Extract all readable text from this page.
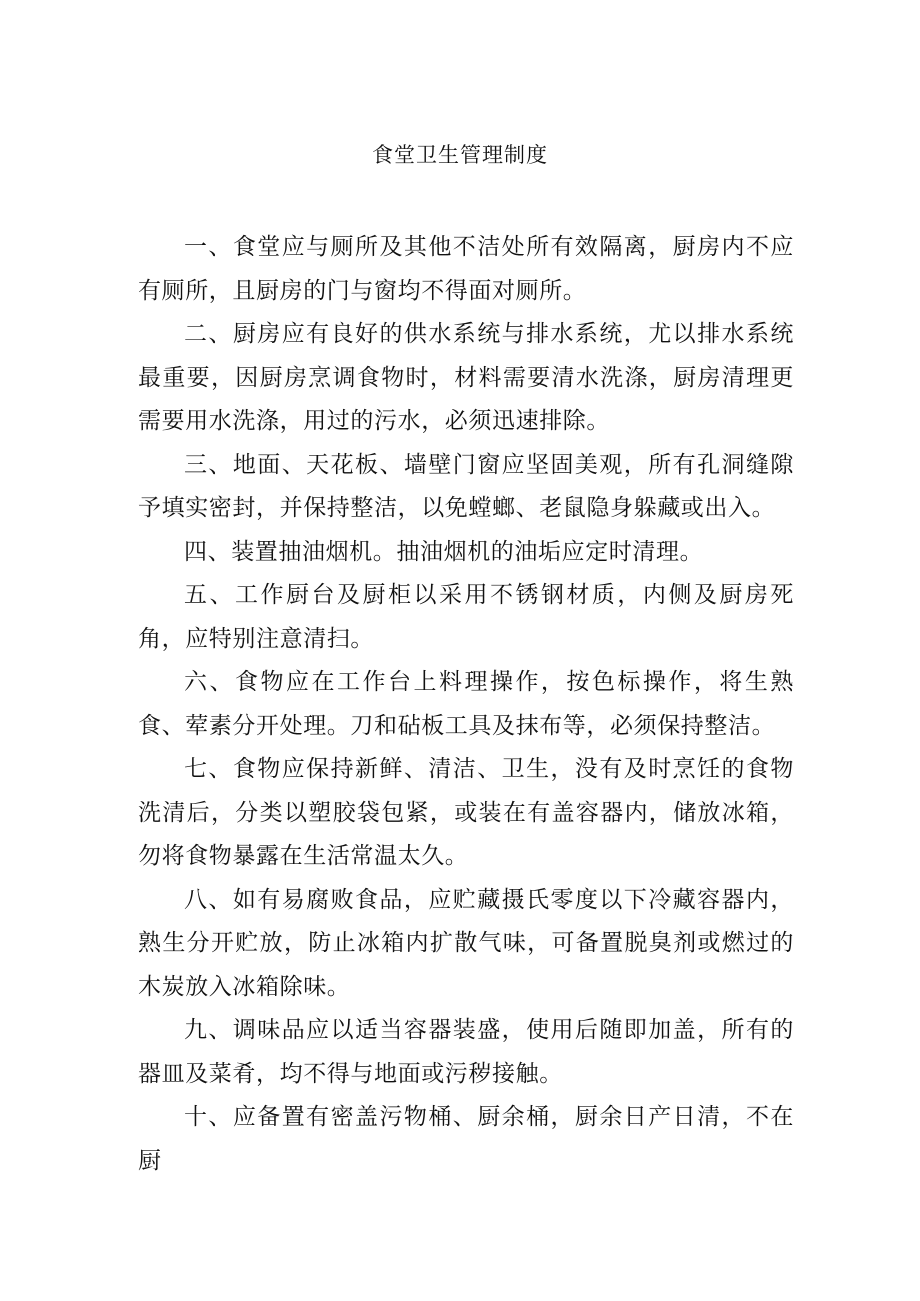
食堂卫生管理制度

一、食堂应与厕所及其他不洁处所有效隔离，厨房内不应有厕所，且厨房的门与窗均不得面对厕所。

二、厨房应有良好的供水系统与排水系统，尤以排水系统最重要，因厨房烹调食物时，材料需要清水洗涤，厨房清理更需要用水洗涤，用过的污水，必须迅速排除。

三、地面、天花板、墙壁门窗应坚固美观，所有孔洞缝隙予填实密封，并保持整洁，以免螳螂、老鼠隐身躲藏或出入。

四、装置抽油烟机。抽油烟机的油垢应定时清理。

五、工作厨台及厨柜以采用不锈钢材质，内侧及厨房死角，应特别注意清扫。

六、食物应在工作台上料理操作，按色标操作，将生熟食、荤素分开处理。刀和砧板工具及抹布等，必须保持整洁。

七、食物应保持新鲜、清洁、卫生，没有及时烹饪的食物洗清后，分类以塑胶袋包紧，或装在有盖容器内，储放冰箱，勿将食物暴露在生活常温太久。

八、如有易腐败食品，应贮藏摄氏零度以下冷藏容器内，熟生分开贮放，防止冰箱内扩散气味，可备置脱臭剂或燃过的木炭放入冰箱除味。

九、调味品应以适当容器装盛，使用后随即加盖，所有的器皿及菜肴，均不得与地面或污秽接触。

十、应备置有密盖污物桶、厨余桶，厨余日产日清，不在厨
